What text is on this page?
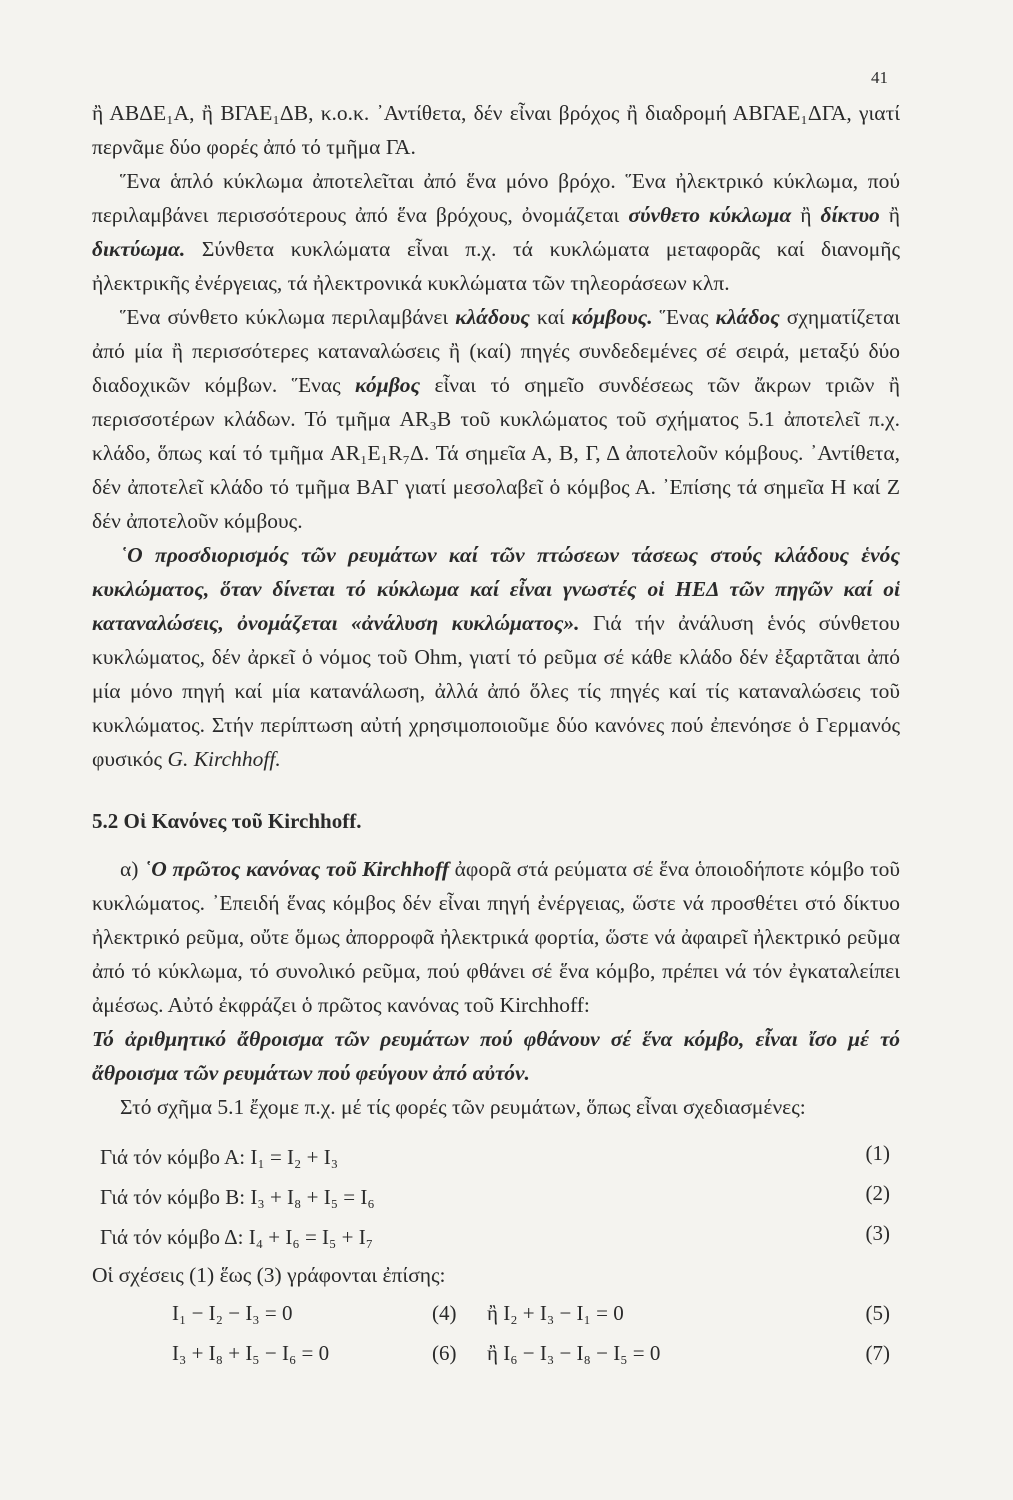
41

ἢ ΑΒΔΕ₁Α, ἢ ΒΓΑΕ₁ΔΒ, κ.ο.κ. ᾿Αντίθετα, δέν εἶναι βρόχος ἢ διαδρομή ΑΒΓΑΕ₁ΔΓΑ, γιατί περνᾶμε δύο φορές ἀπό τό τμῆμα ΓΑ.

Ἕνα ἁπλό κύκλωμα ἀποτελεῖται ἀπό ἕνα μόνο βρόχο. Ἕνα ἠλεκτρικό κύκλωμα, πού περιλαμβάνει περισσότερους ἀπό ἕνα βρόχους, ὀνομάζεται σύνθετο κύκλωμα ἢ δίκτυο ἢ δικτύωμα. Σύνθετα κυκλώματα εἶναι π.χ. τά κυκλώματα μεταφορᾶς καί διανομῆς ἠλεκτρικῆς ἐνέργειας, τά ἠλεκτρονικά κυκλώματα τῶν τηλεοράσεων κλπ.

Ἕνα σύνθετο κύκλωμα περιλαμβάνει κλάδους καί κόμβους. Ἕνας κλάδος σχηματίζεται ἀπό μία ἢ περισσότερες καταναλώσεις ἢ (καί) πηγές συνδεδεμένες σέ σειρά, μεταξύ δύο διαδοχικῶν κόμβων. Ἕνας κόμβος εἶναι τό σημεῖο συνδέσεως τῶν ἄκρων τριῶν ἢ περισσοτέρων κλάδων. Τό τμῆμα AR₃B τοῦ κυκλώματος τοῦ σχήματος 5.1 ἀποτελεῖ π.χ. κλάδο, ὅπως καί τό τμῆμα AR₁E₁R₇Δ. Τά σημεῖα Α, Β, Γ, Δ ἀποτελοῦν κόμβους. ᾿Αντίθετα, δέν ἀποτελεῖ κλάδο τό τμῆμα ΒΑΓ γιατί μεσολαβεῖ ὁ κόμβος Α. ᾿Επίσης τά σημεῖα Η καί Ζ δέν ἀποτελοῦν κόμβους.

῾Ο προσδιορισμός τῶν ρευμάτων καί τῶν πτώσεων τάσεως στούς κλάδους ἑνός κυκλώματος, ὅταν δίνεται τό κύκλωμα καί εἶναι γνωστές οἱ ΗΕΔ τῶν πηγῶν καί οἱ καταναλώσεις, ὀνομάζεται «ἀνάλυση κυκλώματος». Γιά τήν ἀνάλυση ἑνός σύνθετου κυκλώματος, δέν ἀρκεῖ ὁ νόμος τοῦ Ohm, γιατί τό ρεῦμα σέ κάθε κλάδο δέν ἐξαρτᾶται ἀπό μία μόνο πηγή καί μία κατανάλωση, ἀλλά ἀπό ὅλες τίς πηγές καί τίς καταναλώσεις τοῦ κυκλώματος. Στήν περίπτωση αὐτή χρησιμοποιοῦμε δύο κανόνες πού ἐπενόησε ὁ Γερμανός φυσικός G. Kirchhoff.

5.2 Οἱ Κανόνες τοῦ Kirchhoff.

α) ῾Ο πρῶτος κανόνας τοῦ Kirchhoff ἀφορᾶ στά ρεύματα σέ ἕνα ὁποιοδήποτε κόμβο τοῦ κυκλώματος. ᾿Επειδή ἕνας κόμβος δέν εἶναι πηγή ἐνέργειας, ὥστε νά προσθέτει στό δίκτυο ἠλεκτρικό ρεῦμα, οὔτε ὅμως ἀπορροφᾶ ἠλεκτρικά φορτία, ὥστε νά ἀφαιρεῖ ἠλεκτρικό ρεῦμα ἀπό τό κύκλωμα, τό συνολικό ρεῦμα, πού φθάνει σέ ἕνα κόμβο, πρέπει νά τόν ἐγκαταλείπει ἀμέσως. Αὐτό ἐκφράζει ὁ πρῶτος κανόνας τοῦ Kirchhoff:

Τό ἀριθμητικό ἄθροισμα τῶν ρευμάτων πού φθάνουν σέ ἕνα κόμβο, εἶναι ἴσο μέ τό ἄθροισμα τῶν ρευμάτων πού φεύγουν ἀπό αὐτόν.

Στό σχῆμα 5.1 ἔχομε π.χ. μέ τίς φορές τῶν ρευμάτων, ὅπως εἶναι σχεδιασμένες:

Γιά τόν κόμβο Α: I₁ = I₂ + I₃	(1)
Γιά τόν κόμβο Β: I₃ + I₈ + I₅ = I₆	(2)
Γιά τόν κόμβο Δ: I₄ + I₆ = I₅ + I₇	(3)

Οἱ σχέσεις (1) ἕως (3) γράφονται ἐπίσης:

I₁ − I₂ − I₃ = 0	(4) ἢ I₂ + I₃ − I₁ = 0	(5)
I₃ + I₈ + I₅ − I₆ = 0	(6) ἢ I₆ − I₃ − I₈ − I₅ = 0	(7)
